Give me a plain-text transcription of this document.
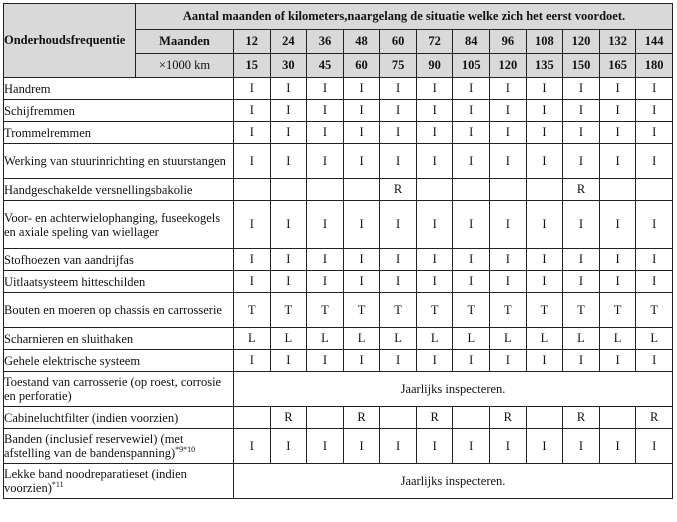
Onderhoudsfrequentie	Aantal maanden of kilometers,naargelang de situatie welke zich het eerst voordoet.												
	Maanden	12	24	36	48	60	72	84	96	108	120	132	144
	×1000 km	15	30	45	60	75	90	105	120	135	150	165	180
Handrem		I	I	I	I	I	I	I	I	I	I	I	I
Schijfremmen		I	I	I	I	I	I	I	I	I	I	I	I
Trommelremmen		I	I	I	I	I	I	I	I	I	I	I	I
Werking van stuurinrichting en stuurstangen		I	I	I	I	I	I	I	I	I	I	I	I
Handgeschakelde versnellingsbakolie						R					R		
Voor- en achterwielophanging, fuseekogels en axiale speling van wiellager		I	I	I	I	I	I	I	I	I	I	I	I
Stofhoezen van aandrijfas		I	I	I	I	I	I	I	I	I	I	I	I
Uitlaatsysteem hitteschilden		I	I	I	I	I	I	I	I	I	I	I	I
Bouten en moeren op chassis en carrosserie		T	T	T	T	T	T	T	T	T	T	T	T
Scharnieren en sluithaken		L	L	L	L	L	L	L	L	L	L	L	L
Gehele elektrische systeem		I	I	I	I	I	I	I	I	I	I	I	I
Toestand van carrosserie (op roest, corrosie en perforatie)		Jaarlijks inspecteren.											
Cabineluchtfilter (indien voorzien)			R		R		R		R		R		R
Banden (inclusief reservewiel) (met afstelling van de bandenspanning)$^{*9*10}$		I	I	I	I	I	I	I	I	I	I	I	I
Lekke band noodreparatieset (indien voorzien)$^{*11}$		Jaarlijks inspecteren.											
